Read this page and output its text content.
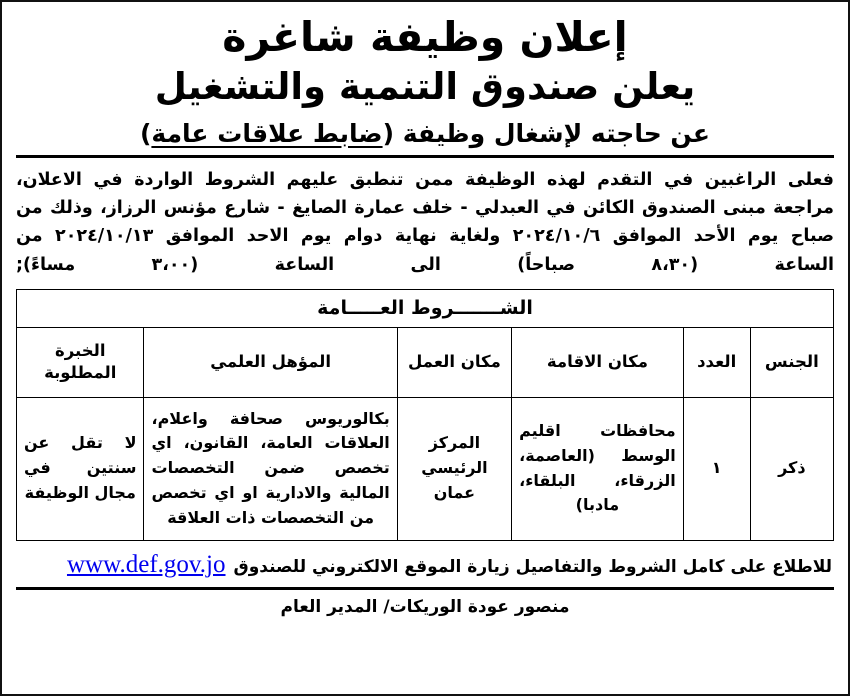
إعلان وظيفة شاغرة
يعلن صندوق التنمية والتشغيل
عن حاجته لإشغال وظيفة (ضابط علاقات عامة)

فعلى الراغبين في التقدم لهذه الوظيفة ممن تنطبق عليهم الشروط الواردة في الاعلان، مراجعة مبنى الصندوق الكائن في العبدلي - خلف عمارة الصايغ - شارع مؤنس الرزاز، وذلك من صباح يوم الأحد الموافق ٢٠٢٤/١٠/٦ ولغاية نهاية دوام يوم الاحد الموافق ٢٠٢٤/١٠/١٣ من الساعة (٨،٣٠ صباحاً) الى الساعة (٣،٠٠ مساءً);

الشـــــــروط العـــــامة					
الجنس	العدد	مكان الاقامة	مكان العمل	المؤهل العلمي	الخبرة المطلوبة
ذكر	١	محافظات اقليم الوسط (العاصمة، الزرقاء، البلقاء، مادبا)	المركز الرئيسي عمان	بكالوريوس صحافة واعلام، العلاقات العامة، القانون، اي تخصص ضمن التخصصات المالية والادارية او اي تخصص من التخصصات ذات العلاقة	لا تقل عن سنتين في مجال الوظيفة
للاطلاع على كامل الشروط والتفاصيل زيارة الموقع الالكتروني للصندوق
www.def.gov.jo
منصور عودة الوريكات/ المدير العام
